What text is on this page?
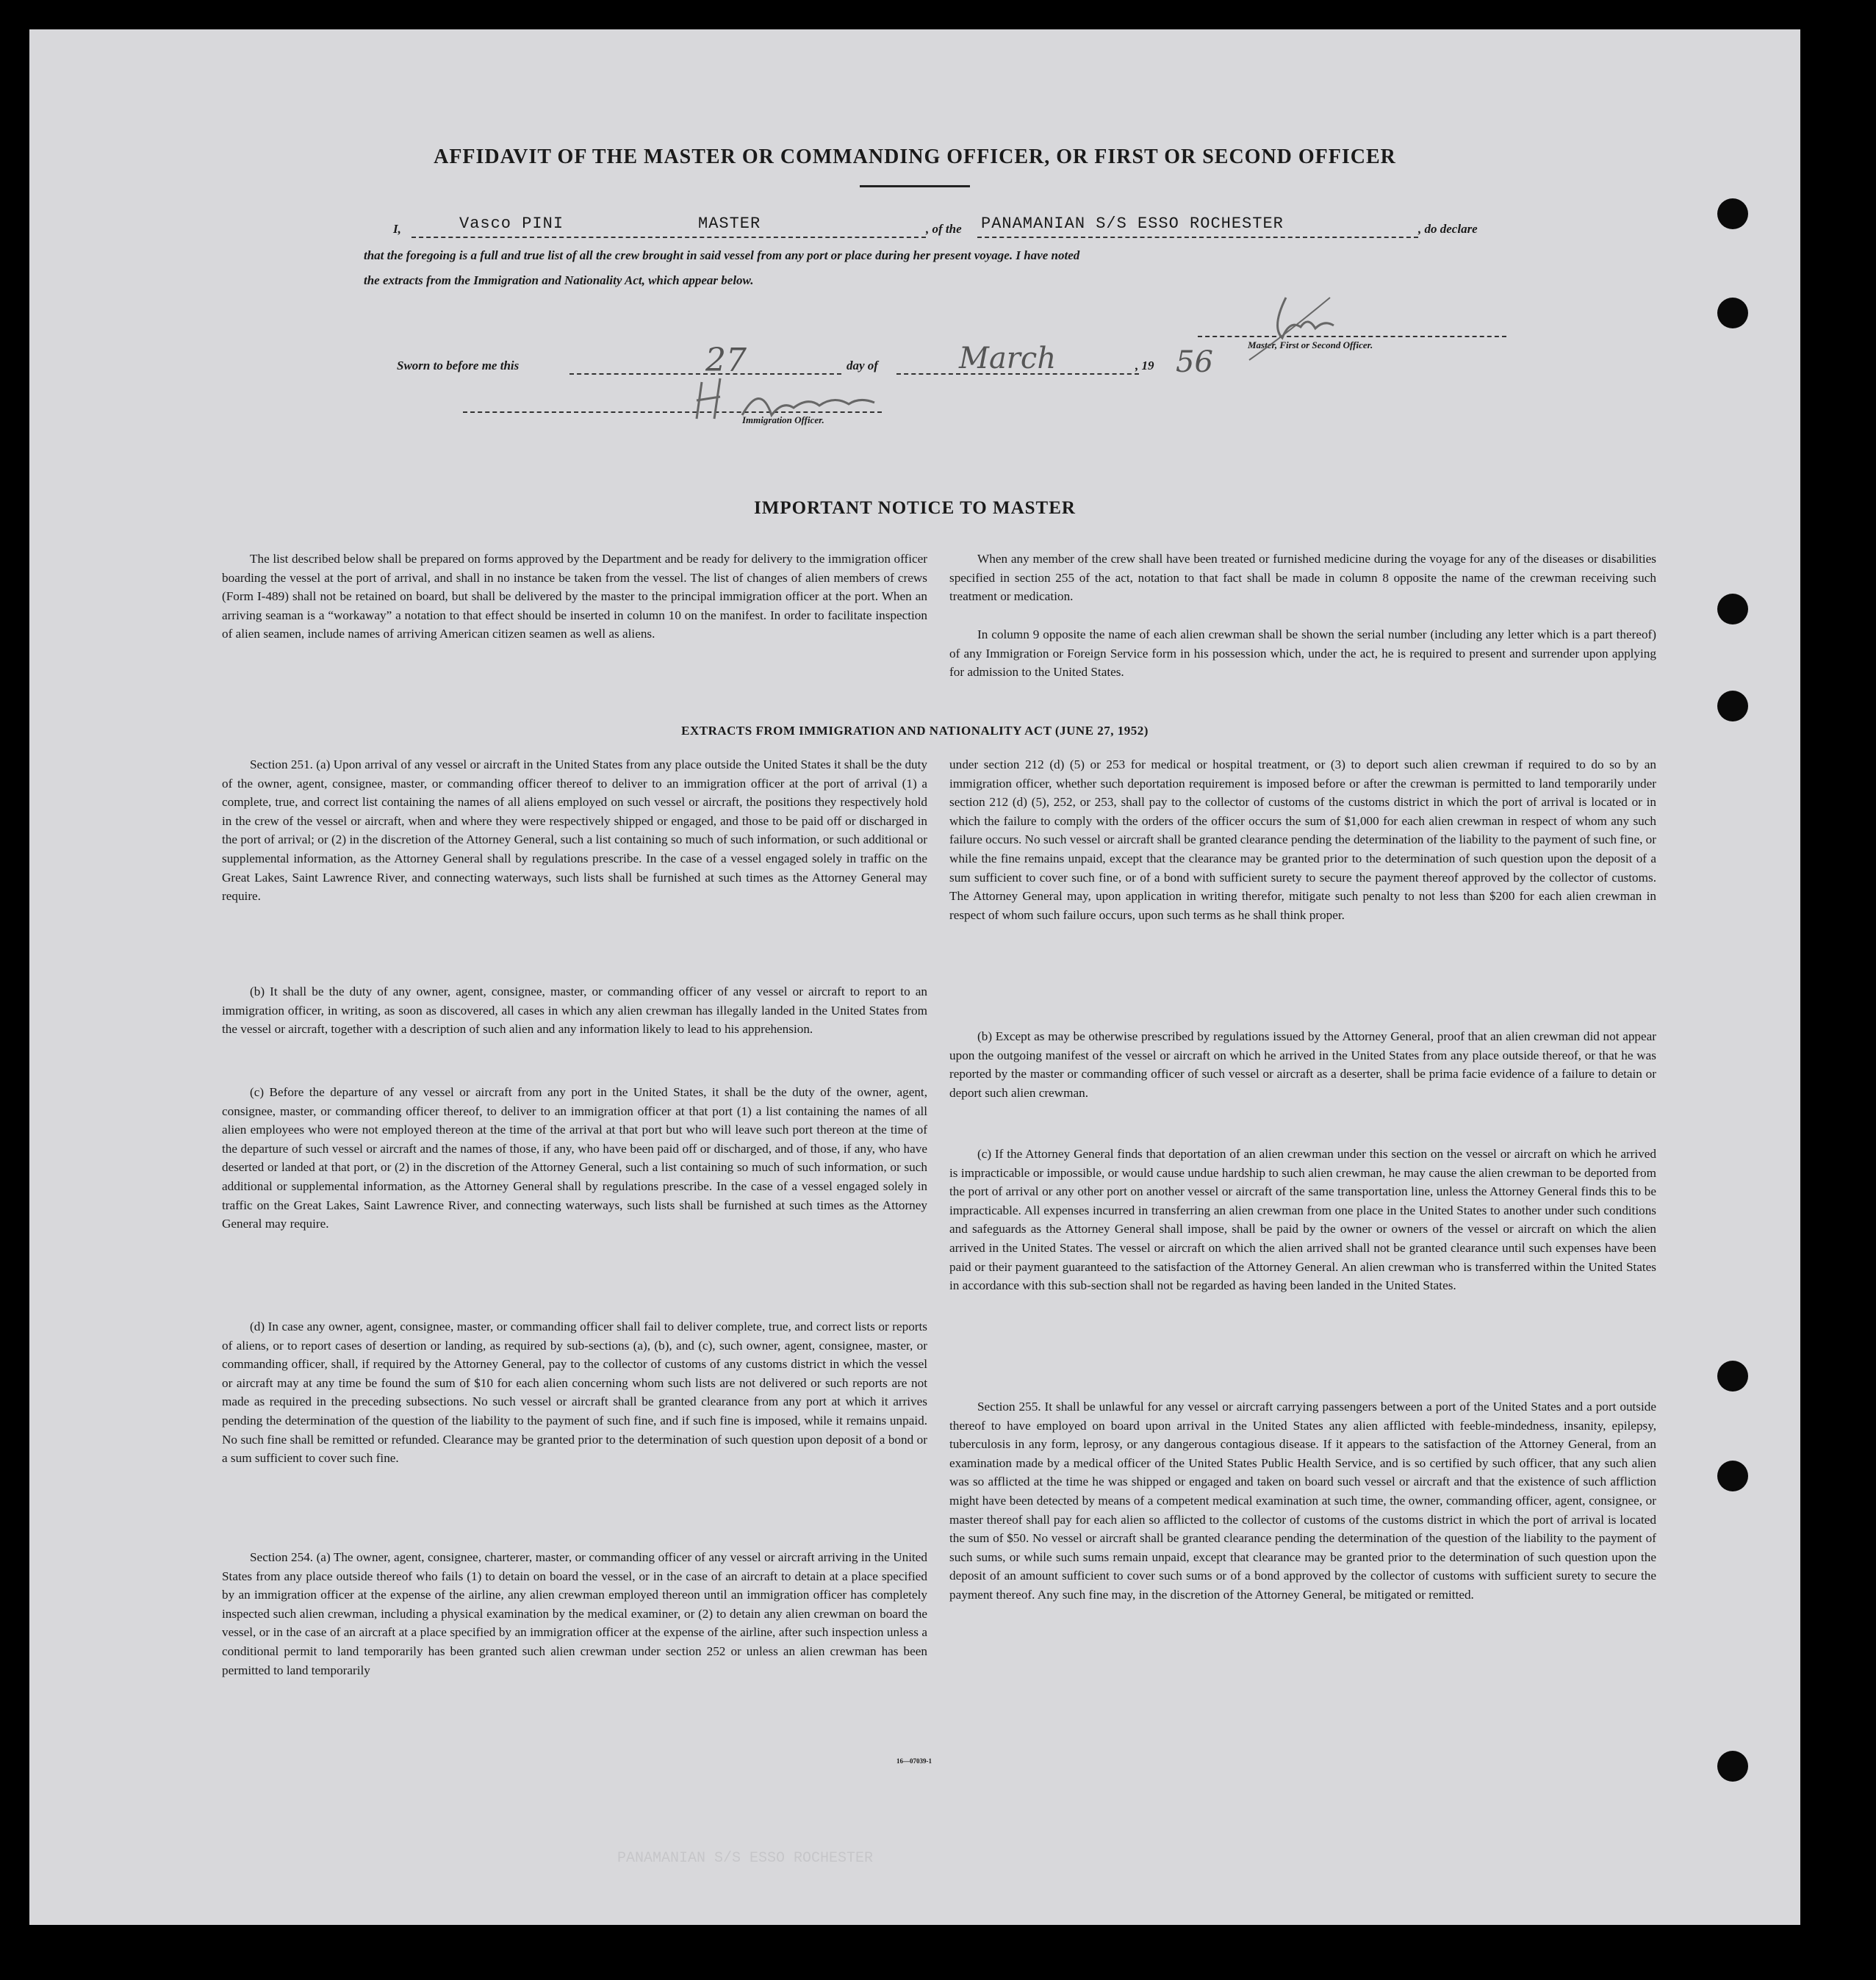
AFFIDAVIT OF THE MASTER OR COMMANDING OFFICER, OR FIRST OR SECOND OFFICER
I,	Vasco PINI	MASTER	, of the PANAMANIAN S/S ESSO ROCHESTER	, do declare
that the foregoing is a full and true list of all the crew brought in said vessel from any port or place during her present voyage. I have noted
the extracts from the Immigration and Nationality Act, which appear below.
Master, First or Second Officer.
Sworn to before me this	27	day of	March	, 19 56
Immigration Officer.
IMPORTANT NOTICE TO MASTER

The list described below shall be prepared on forms approved by the Department and be ready for delivery to the immigration officer boarding the vessel at the port of arrival, and shall in no instance be taken from the vessel. The list of changes of alien members of crews (Form I-489) shall not be retained on board, but shall be delivered by the master to the principal immigration officer at the port. When an arriving seaman is a “workaway” a notation to that effect should be inserted in column 10 on the manifest. In order to facilitate inspection of alien seamen, include names of arriving American citizen seamen as well as aliens.

When any member of the crew shall have been treated or furnished medicine during the voyage for any of the diseases or disabilities specified in section 255 of the act, notation to that fact shall be made in column 8 opposite the name of the crewman receiving such treatment or medication.

In column 9 opposite the name of each alien crewman shall be shown the serial number (including any letter which is a part thereof) of any Immigration or Foreign Service form in his possession which, under the act, he is required to present and surrender upon applying for admission to the United States.

EXTRACTS FROM IMMIGRATION AND NATIONALITY ACT (JUNE 27, 1952)

Section 251. (a) Upon arrival of any vessel or aircraft in the United States from any place outside the United States it shall be the duty of the owner, agent, consignee, master, or commanding officer thereof to deliver to an immigration officer at the port of arrival (1) a complete, true, and correct list containing the names of all aliens employed on such vessel or aircraft, the positions they respectively hold in the crew of the vessel or aircraft, when and where they were respectively shipped or engaged, and those to be paid off or discharged in the port of arrival; or (2) in the discretion of the Attorney General, such a list containing so much of such information, or such additional or supplemental information, as the Attorney General shall by regulations prescribe. In the case of a vessel engaged solely in traffic on the Great Lakes, Saint Lawrence River, and connecting waterways, such lists shall be furnished at such times as the Attorney General may require.

(b) It shall be the duty of any owner, agent, consignee, master, or commanding officer of any vessel or aircraft to report to an immigration officer, in writing, as soon as discovered, all cases in which any alien crewman has illegally landed in the United States from the vessel or aircraft, together with a description of such alien and any information likely to lead to his apprehension.

(c) Before the departure of any vessel or aircraft from any port in the United States, it shall be the duty of the owner, agent, consignee, master, or commanding officer thereof, to deliver to an immigration officer at that port (1) a list containing the names of all alien employees who were not employed thereon at the time of the arrival at that port but who will leave such port thereon at the time of the departure of such vessel or aircraft and the names of those, if any, who have been paid off or discharged, and of those, if any, who have deserted or landed at that port, or (2) in the discretion of the Attorney General, such a list containing so much of such information, or such additional or supplemental information, as the Attorney General shall by regulations prescribe. In the case of a vessel engaged solely in traffic on the Great Lakes, Saint Lawrence River, and connecting waterways, such lists shall be furnished at such times as the Attorney General may require.

(d) In case any owner, agent, consignee, master, or commanding officer shall fail to deliver complete, true, and correct lists or reports of aliens, or to report cases of desertion or landing, as required by sub-sections (a), (b), and (c), such owner, agent, consignee, master, or commanding officer, shall, if required by the Attorney General, pay to the collector of customs of any customs district in which the vessel or aircraft may at any time be found the sum of $10 for each alien concerning whom such lists are not delivered or such reports are not made as required in the preceding subsections. No such vessel or aircraft shall be granted clearance from any port at which it arrives pending the determination of the question of the liability to the payment of such fine, and if such fine is imposed, while it remains unpaid. No such fine shall be remitted or refunded. Clearance may be granted prior to the determination of such question upon deposit of a bond or a sum sufficient to cover such fine.

Section 254. (a) The owner, agent, consignee, charterer, master, or commanding officer of any vessel or aircraft arriving in the United States from any place outside thereof who fails (1) to detain on board the vessel, or in the case of an aircraft to detain at a place specified by an immigration officer at the expense of the airline, any alien crewman employed thereon until an immigration officer has completely inspected such alien crewman, including a physical examination by the medical examiner, or (2) to detain any alien crewman on board the vessel, or in the case of an aircraft at a place specified by an immigration officer at the expense of the airline, after such inspection unless a conditional permit to land temporarily has been granted such alien crewman under section 252 or unless an alien crewman has been permitted to land temporarily

under section 212 (d) (5) or 253 for medical or hospital treatment, or (3) to deport such alien crewman if required to do so by an immigration officer, whether such deportation requirement is imposed before or after the crewman is permitted to land temporarily under section 212 (d) (5), 252, or 253, shall pay to the collector of customs of the customs district in which the port of arrival is located or in which the failure to comply with the orders of the officer occurs the sum of $1,000 for each alien crewman in respect of whom any such failure occurs. No such vessel or aircraft shall be granted clearance pending the determination of the liability to the payment of such fine, or while the fine remains unpaid, except that the clearance may be granted prior to the determination of such question upon the deposit of a sum sufficient to cover such fine, or of a bond with sufficient surety to secure the payment thereof approved by the collector of customs. The Attorney General may, upon application in writing therefor, mitigate such penalty to not less than $200 for each alien crewman in respect of whom such failure occurs, upon such terms as he shall think proper.

(b) Except as may be otherwise prescribed by regulations issued by the Attorney General, proof that an alien crewman did not appear upon the outgoing manifest of the vessel or aircraft on which he arrived in the United States from any place outside thereof, or that he was reported by the master or commanding officer of such vessel or aircraft as a deserter, shall be prima facie evidence of a failure to detain or deport such alien crewman.

(c) If the Attorney General finds that deportation of an alien crewman under this section on the vessel or aircraft on which he arrived is impracticable or impossible, or would cause undue hardship to such alien crewman, he may cause the alien crewman to be deported from the port of arrival or any other port on another vessel or aircraft of the same transportation line, unless the Attorney General finds this to be impracticable. All expenses incurred in transferring an alien crewman from one place in the United States to another under such conditions and safeguards as the Attorney General shall impose, shall be paid by the owner or owners of the vessel or aircraft on which the alien arrived in the United States. The vessel or aircraft on which the alien arrived shall not be granted clearance until such expenses have been paid or their payment guaranteed to the satisfaction of the Attorney General. An alien crewman who is transferred within the United States in accordance with this sub-section shall not be regarded as having been landed in the United States.

Section 255. It shall be unlawful for any vessel or aircraft carrying passengers between a port of the United States and a port outside thereof to have employed on board upon arrival in the United States any alien afflicted with feeble-mindedness, insanity, epilepsy, tuberculosis in any form, leprosy, or any dangerous contagious disease. If it appears to the satisfaction of the Attorney General, from an examination made by a medical officer of the United States Public Health Service, and is so certified by such officer, that any such alien was so afflicted at the time he was shipped or engaged and taken on board such vessel or aircraft and that the existence of such affliction might have been detected by means of a competent medical examination at such time, the owner, commanding officer, agent, consignee, or master thereof shall pay for each alien so afflicted to the collector of customs of the customs district in which the port of arrival is located the sum of $50. No vessel or aircraft shall be granted clearance pending the determination of the question of the liability to the payment of such sums, or while such sums remain unpaid, except that clearance may be granted prior to the determination of such question upon the deposit of an amount sufficient to cover such sums or of a bond approved by the collector of customs with sufficient surety to secure the payment thereof. Any such fine may, in the discretion of the Attorney General, be mitigated or remitted.

16—07039-1
PANAMANIAN S/S ESSO ROCHESTER
